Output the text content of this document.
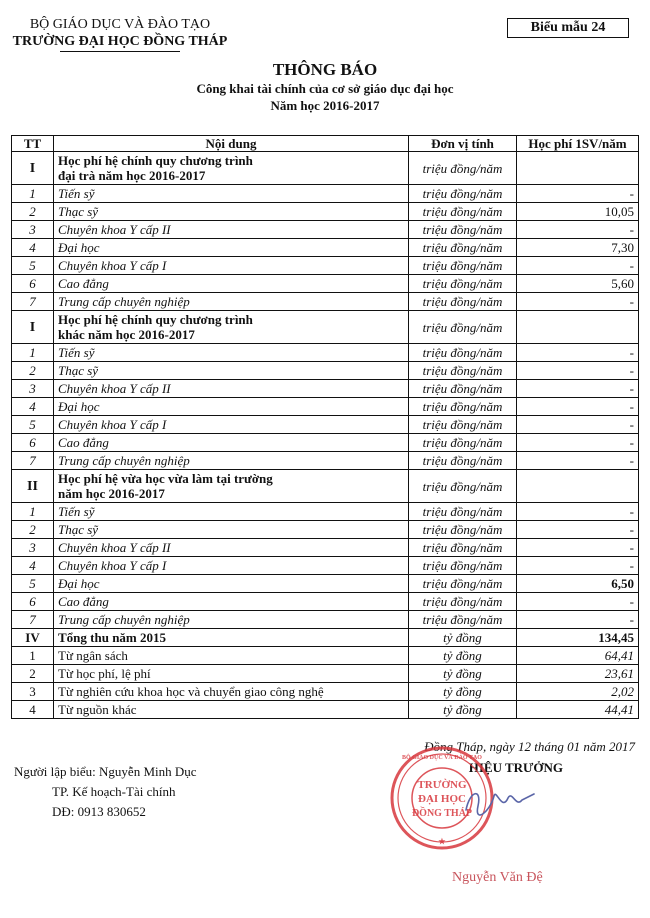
BỘ GIÁO DỤC VÀ ĐÀO TẠO
TRƯỜNG ĐẠI HỌC ĐỒNG THÁP
Biểu mẫu 24
THÔNG BÁO
Công khai tài chính của cơ sở giáo dục đại học
Năm học 2016-2017
TT	Nội dung	Đơn vị tính	Học phí 1SV/năm
I	Học phí hệ chính quy chương trình
đại trà năm học 2016-2017	triệu đồng/năm	
1	Tiến sỹ	triệu đồng/năm	-
2	Thạc sỹ	triệu đồng/năm	10,05
3	Chuyên khoa Y cấp II	triệu đồng/năm	-
4	Đại học	triệu đồng/năm	7,30
5	Chuyên khoa Y cấp I	triệu đồng/năm	-
6	Cao đẳng	triệu đồng/năm	5,60
7	Trung cấp chuyên nghiệp	triệu đồng/năm	-
I	Học phí hệ chính quy chương trình
khác năm học 2016-2017	triệu đồng/năm	
1	Tiến sỹ	triệu đồng/năm	-
2	Thạc sỹ	triệu đồng/năm	-
3	Chuyên khoa Y cấp II	triệu đồng/năm	-
4	Đại học	triệu đồng/năm	-
5	Chuyên khoa Y cấp I	triệu đồng/năm	-
6	Cao đẳng	triệu đồng/năm	-
7	Trung cấp chuyên nghiệp	triệu đồng/năm	-
II	Học phí hệ vừa học vừa làm tại trường
năm học 2016-2017	triệu đồng/năm	
1	Tiến sỹ	triệu đồng/năm	-
2	Thạc sỹ	triệu đồng/năm	-
3	Chuyên khoa Y cấp II	triệu đồng/năm	-
4	Chuyên khoa Y cấp I	triệu đồng/năm	-
5	Đại học	triệu đồng/năm	6,50
6	Cao đẳng	triệu đồng/năm	-
7	Trung cấp chuyên nghiệp	triệu đồng/năm	-
IV	Tổng thu năm 2015	tỷ đồng	134,45
1	Từ ngân sách	tỷ đồng	64,41
2	Từ học phí, lệ phí	tỷ đồng	23,61
3	Từ nghiên cứu khoa học và chuyển giao công nghệ	tỷ đồng	2,02
4	Từ nguồn khác	tỷ đồng	44,41
Người lập biểu: Nguyễn Minh Dục
TP. Kế hoạch-Tài chính
DĐ: 0913 830652
Đồng Tháp, ngày 12 tháng 01 năm 2017
HIỆU TRƯỞNG
TRƯỜNG
ĐẠI HỌC
ĐỒNG THÁP
BỘ GIÁO DỤC VÀ ĐÀO TẠO
★
Nguyễn Văn Đệ
